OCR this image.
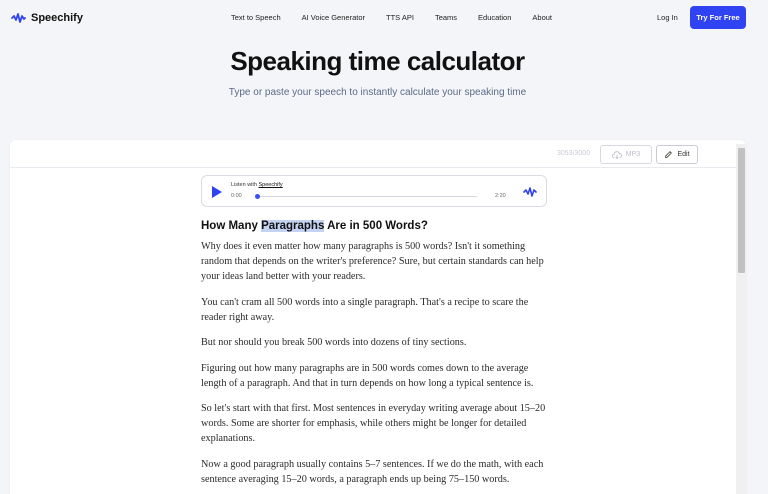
Speechify	Text to Speech	AI Voice Generator	TTS API	Teams	Education	About	Log In	Try For Free
Speaking time calculator
Type or paste your speech to instantly calculate your speaking time
3053/3000	MP3	Edit
Listen with Speechify
0:00	2:20
How Many Paragraphs Are in 500 Words?

Why does it even matter how many paragraphs is 500 words? Isn't it something random that depends on the writer's preference? Sure, but certain standards can help your ideas land better with your readers.

You can't cram all 500 words into a single paragraph. That's a recipe to scare the reader right away.

But nor should you break 500 words into dozens of tiny sections.

Figuring out how many paragraphs are in 500 words comes down to the average length of a paragraph. And that in turn depends on how long a typical sentence is.

So let's start with that first. Most sentences in everyday writing average about 15–20 words. Some are shorter for emphasis, while others might be longer for detailed explanations.

Now a good paragraph usually contains 5–7 sentences. If we do the math, with each sentence averaging 15–20 words, a paragraph ends up being 75–150 words.
